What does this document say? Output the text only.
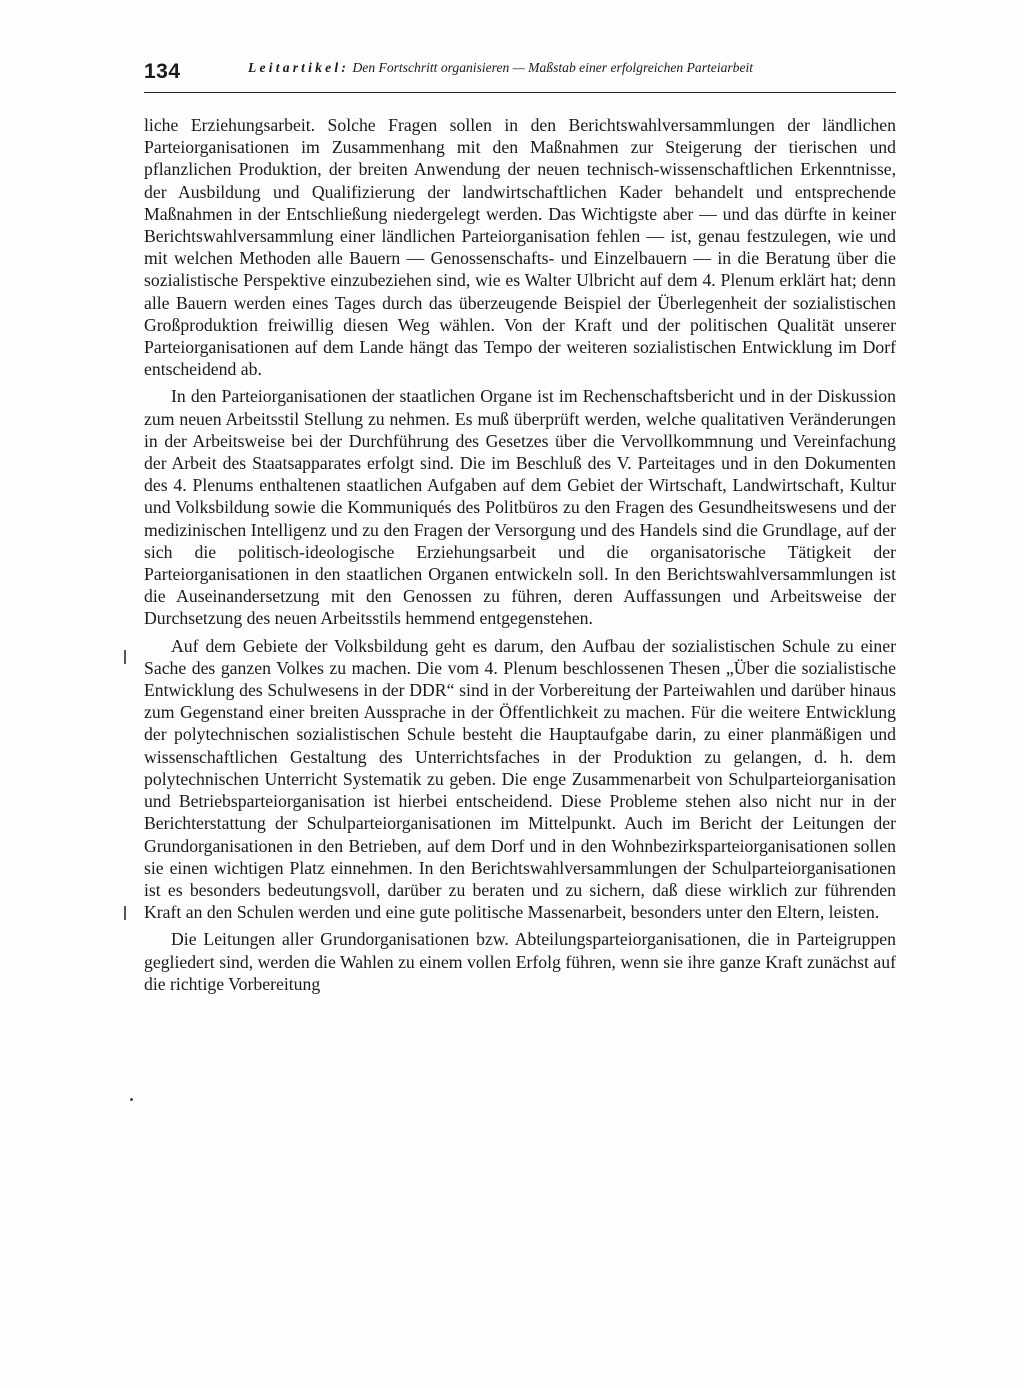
134	Leitartikel: Den Fortschritt organisieren — Maßstab einer erfolgreichen Parteiarbeit

liche Erziehungsarbeit. Solche Fragen sollen in den Berichtswahlversammlungen der ländlichen Parteiorganisationen im Zusammenhang mit den Maßnahmen zur Steigerung der tierischen und pflanzlichen Produktion, der breiten Anwendung der neuen technisch-wissenschaftlichen Erkenntnisse, der Ausbildung und Qualifizierung der landwirtschaftlichen Kader behandelt und entsprechende Maßnahmen in der Entschließung niedergelegt werden. Das Wichtigste aber — und das dürfte in keiner Berichtswahlversammlung einer ländlichen Parteiorganisation fehlen — ist, genau festzulegen, wie und mit welchen Methoden alle Bauern — Genossenschafts- und Einzelbauern — in die Beratung über die sozialistische Perspektive einzubeziehen sind, wie es Walter Ulbricht auf dem 4. Plenum erklärt hat; denn alle Bauern werden eines Tages durch das überzeugende Beispiel der Überlegenheit der sozialistischen Großproduktion freiwillig diesen Weg wählen. Von der Kraft und der politischen Qualität unserer Parteiorganisationen auf dem Lande hängt das Tempo der weiteren sozialistischen Entwicklung im Dorf entscheidend ab.

In den Parteiorganisationen der staatlichen Organe ist im Rechenschaftsbericht und in der Diskussion zum neuen Arbeitsstil Stellung zu nehmen. Es muß überprüft werden, welche qualitativen Veränderungen in der Arbeitsweise bei der Durchführung des Gesetzes über die Vervollkommnung und Vereinfachung der Arbeit des Staatsapparates erfolgt sind. Die im Beschluß des V. Parteitages und in den Dokumenten des 4. Plenums enthaltenen staatlichen Aufgaben auf dem Gebiet der Wirtschaft, Landwirtschaft, Kultur und Volksbildung sowie die Kommuniqués des Politbüros zu den Fragen des Gesundheitswesens und der medizinischen Intelligenz und zu den Fragen der Versorgung und des Handels sind die Grundlage, auf der sich die politisch-ideologische Erziehungsarbeit und die organisatorische Tätigkeit der Parteiorganisationen in den staatlichen Organen entwickeln soll. In den Berichtswahlversammlungen ist die Auseinandersetzung mit den Genossen zu führen, deren Auffassungen und Arbeitsweise der Durchsetzung des neuen Arbeitsstils hemmend entgegenstehen.

Auf dem Gebiete der Volksbildung geht es darum, den Aufbau der sozialistischen Schule zu einer Sache des ganzen Volkes zu machen. Die vom 4. Plenum beschlossenen Thesen „Über die sozialistische Entwicklung des Schulwesens in der DDR“ sind in der Vorbereitung der Parteiwahlen und darüber hinaus zum Gegenstand einer breiten Aussprache in der Öffentlichkeit zu machen. Für die weitere Entwicklung der polytechnischen sozialistischen Schule besteht die Hauptaufgabe darin, zu einer planmäßigen und wissenschaftlichen Gestaltung des Unterrichtsfaches in der Produktion zu gelangen, d. h. dem polytechnischen Unterricht Systematik zu geben. Die enge Zusammenarbeit von Schulparteiorganisation und Betriebsparteiorganisation ist hierbei entscheidend. Diese Probleme stehen also nicht nur in der Berichterstattung der Schulparteiorganisationen im Mittelpunkt. Auch im Bericht der Leitungen der Grundorganisationen in den Betrieben, auf dem Dorf und in den Wohnbezirksparteiorganisationen sollen sie einen wichtigen Platz einnehmen. In den Berichtswahlversammlungen der Schulparteiorganisationen ist es besonders bedeutungsvoll, darüber zu beraten und zu sichern, daß diese wirklich zur führenden Kraft an den Schulen werden und eine gute politische Massenarbeit, besonders unter den Eltern, leisten.

Die Leitungen aller Grundorganisationen bzw. Abteilungsparteiorganisationen, die in Parteigruppen gegliedert sind, werden die Wahlen zu einem vollen Erfolg führen, wenn sie ihre ganze Kraft zunächst auf die richtige Vorbereitung
